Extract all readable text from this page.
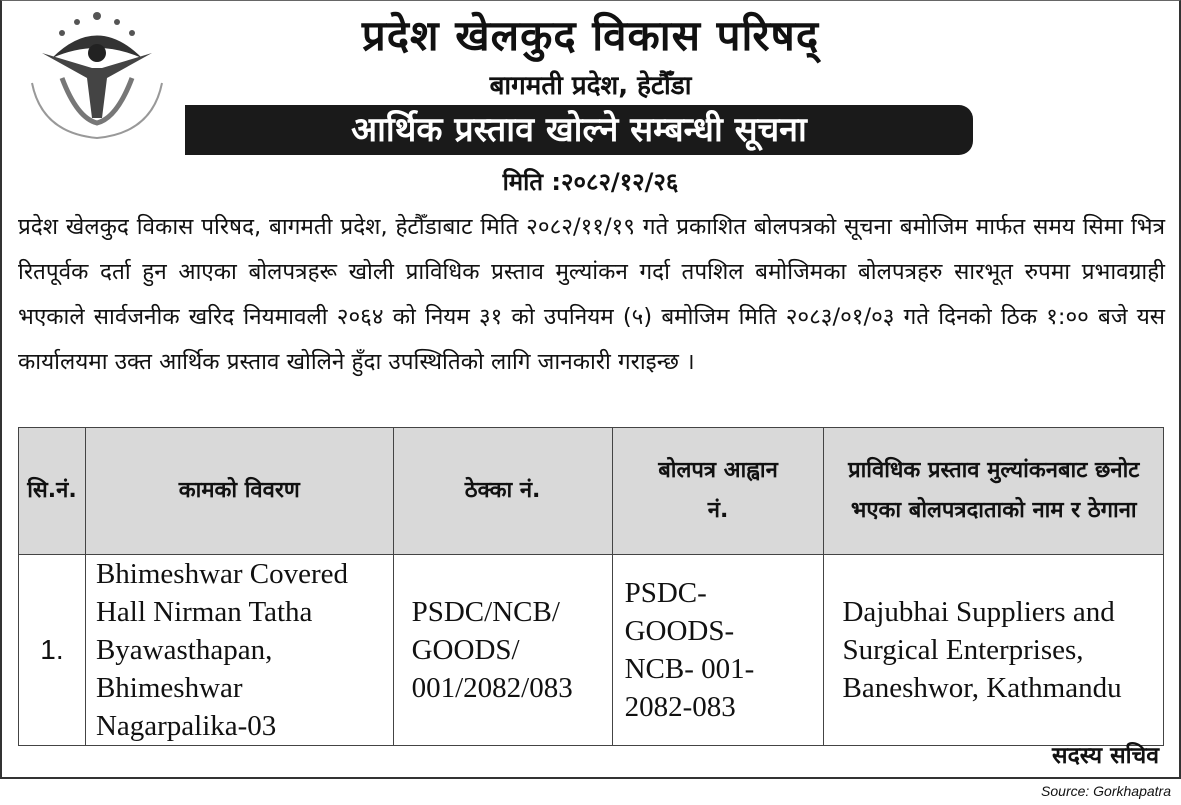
प्रदेश खेलकुद विकास परिषद्
बागमती प्रदेश, हेटौँडा
आर्थिक प्रस्ताव खोल्ने सम्बन्धी सूचना
मिति :२०८२/१२/२६
प्रदेश खेलकुद विकास परिषद, बागमती प्रदेश, हेटौँडाबाट मिति २०८२/११/१९ गते प्रकाशित बोलपत्रको सूचना बमोजिम मार्फत समय सिमा भित्र रितपूर्वक दर्ता हुन आएका बोलपत्रहरू खोली प्राविधिक प्रस्ताव मुल्यांकन गर्दा तपशिल बमोजिमका बोलपत्रहरु सारभूत रुपमा प्रभावग्राही भएकाले सार्वजनीक खरिद नियमावली २०६४ को नियम ३१ को उपनियम (५) बमोजिम मिति २०८३/०१/०३ गते दिनको ठिक १:०० बजे यस कार्यालयमा उक्त आर्थिक प्रस्ताव खोलिने हुँदा उपस्थितिको लागि जानकारी गराइन्छ ।
सि.नं.	कामको विवरण	ठेक्का नं.	बोलपत्र आह्वान नं.	प्राविधिक प्रस्ताव मुल्यांकनबाट छनोट भएका बोलपत्रदाताको नाम र ठेगाना
1.	Bhimeshwar Covered Hall Nirman Tatha Byawasthapan, Bhimeshwar Nagarpalika-03	PSDC/NCB/ GOODS/ 001/2082/083	PSDC- GOODS- NCB- 001-2082-083	Dajubhai Suppliers and Surgical Enterprises, Baneshwor, Kathmandu
सदस्य सचिव
Source: Gorkhapatra
